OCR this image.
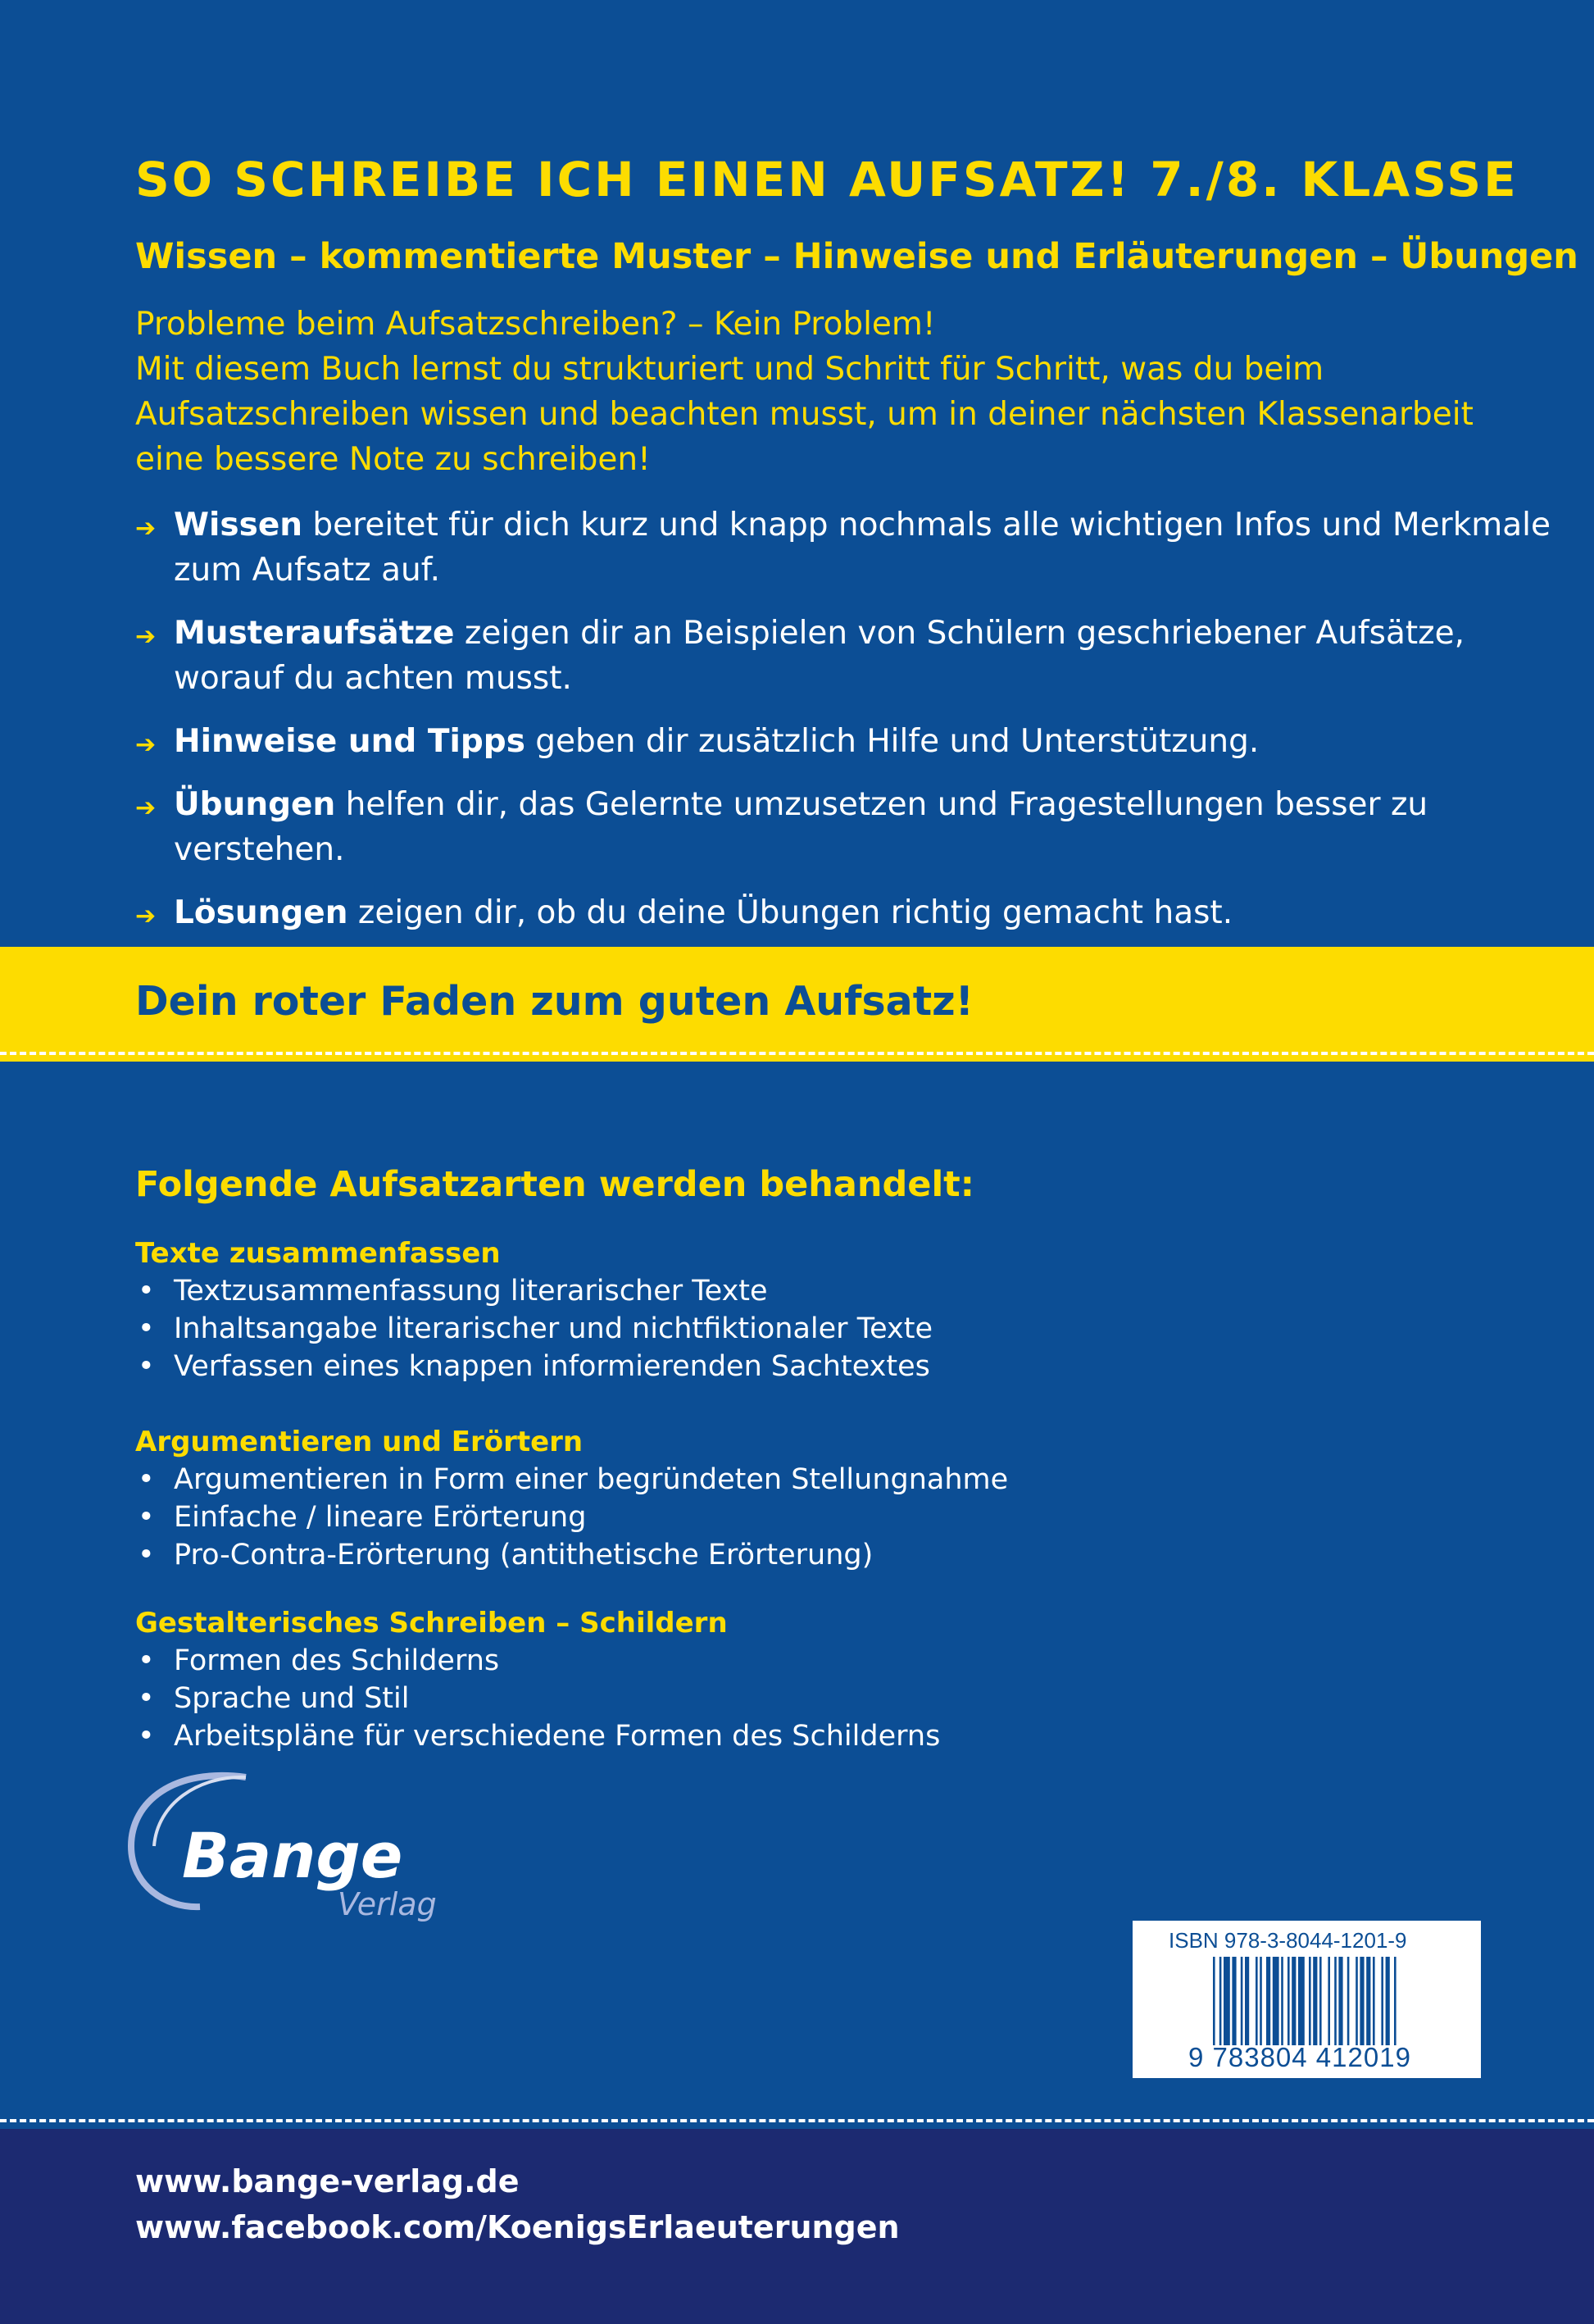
SO SCHREIBE ICH EINEN AUFSATZ! 7./8. KLASSE
Wissen – kommentierte Muster – Hinweise und Erläuterungen – Übungen

Probleme beim Aufsatzschreiben? – Kein Problem!

Mit diesem Buch lernst du strukturiert und Schritt für Schritt, was du beim Aufsatzschreiben wissen und beachten musst, um in deiner nächsten Klassenarbeit eine bessere Note zu schreiben!

➔ Wissen bereitet für dich kurz und knapp nochmals alle wichtigen Infos und Merkmale zum Aufsatz auf.
➔ Musteraufsätze zeigen dir an Beispielen von Schülern geschriebener Aufsätze, worauf du achten musst.
➔ Hinweise und Tipps geben dir zusätzlich Hilfe und Unterstützung.
➔ Übungen helfen dir, das Gelernte umzusetzen und Fragestellungen besser zu verstehen.
➔ Lösungen zeigen dir, ob du deine Übungen richtig gemacht hast.
Dein roter Faden zum guten Aufsatz!
Folgende Aufsatzarten werden behandelt:
Texte zusammenfassen
• Textzusammenfassung literarischer Texte
• Inhaltsangabe literarischer und nichtfiktionaler Texte
• Verfassen eines knappen informierenden Sachtextes
Argumentieren und Erörtern
• Argumentieren in Form einer begründeten Stellungnahme
• Einfache / lineare Erörterung
• Pro-Contra-Erörterung (antithetische Erörterung)
Gestalterisches Schreiben – Schildern
• Formen des Schilderns
• Sprache und Stil
• Arbeitspläne für verschiedene Formen des Schilderns
Bange
Verlag
ISBN 978-3-8044-1201-9
9 783804 412019
www.bange-verlag.de
www.facebook.com/KoenigsErlaeuterungen
